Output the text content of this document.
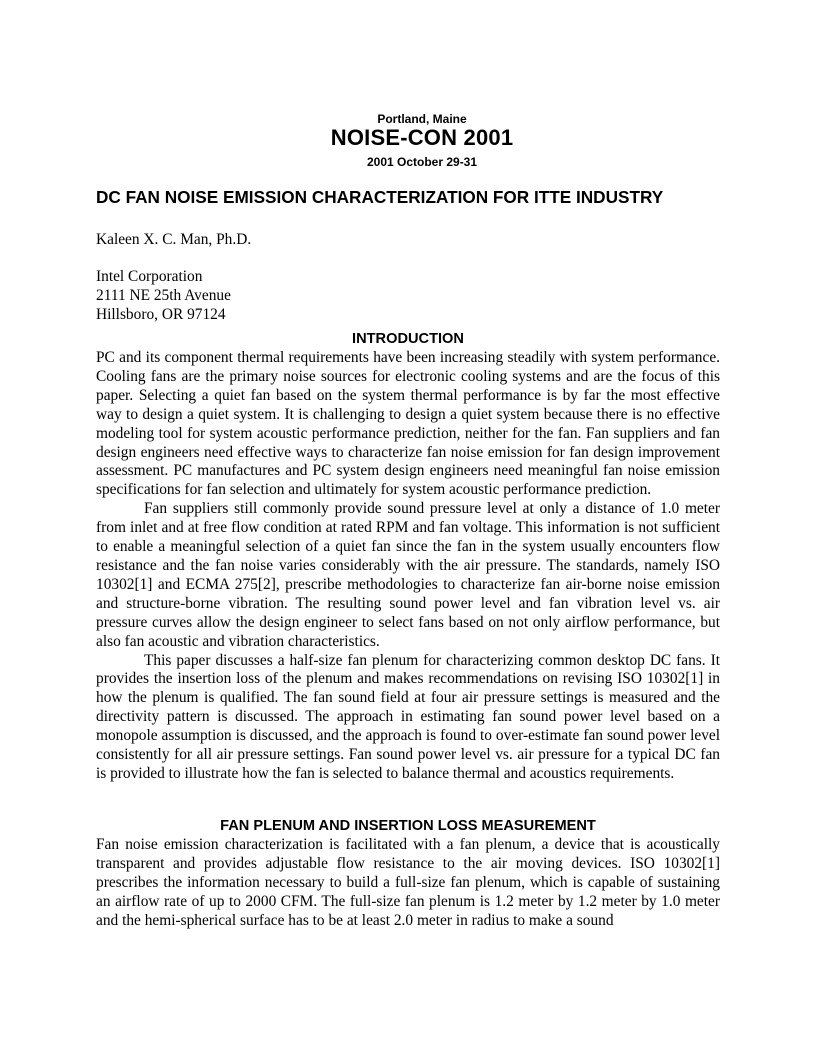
Portland, Maine
NOISE-CON 2001
2001 October 29-31
DC FAN NOISE EMISSION CHARACTERIZATION FOR ITTE INDUSTRY
Kaleen X. C. Man, Ph.D.
Intel Corporation
2111 NE 25th Avenue
Hillsboro, OR 97124
INTRODUCTION

PC and its component thermal requirements have been increasing steadily with system performance. Cooling fans are the primary noise sources for electronic cooling systems and are the focus of this paper. Selecting a quiet fan based on the system thermal performance is by far the most effective way to design a quiet system. It is challenging to design a quiet system because there is no effective modeling tool for system acoustic performance prediction, neither for the fan. Fan suppliers and fan design engineers need effective ways to characterize fan noise emission for fan design improvement assessment. PC manufactures and PC system design engineers need meaningful fan noise emission specifications for fan selection and ultimately for system acoustic performance prediction.

Fan suppliers still commonly provide sound pressure level at only a distance of 1.0 meter from inlet and at free flow condition at rated RPM and fan voltage. This information is not sufficient to enable a meaningful selection of a quiet fan since the fan in the system usually encounters flow resistance and the fan noise varies considerably with the air pressure. The standards, namely ISO 10302[1] and ECMA 275[2], prescribe methodologies to characterize fan air-borne noise emission and structure-borne vibration. The resulting sound power level and fan vibration level vs. air pressure curves allow the design engineer to select fans based on not only airflow performance, but also fan acoustic and vibration characteristics.

This paper discusses a half-size fan plenum for characterizing common desktop DC fans. It provides the insertion loss of the plenum and makes recommendations on revising ISO 10302[1] in how the plenum is qualified. The fan sound field at four air pressure settings is measured and the directivity pattern is discussed. The approach in estimating fan sound power level based on a monopole assumption is discussed, and the approach is found to over-estimate fan sound power level consistently for all air pressure settings. Fan sound power level vs. air pressure for a typical DC fan is provided to illustrate how the fan is selected to balance thermal and acoustics requirements.

FAN PLENUM AND INSERTION LOSS MEASUREMENT

Fan noise emission characterization is facilitated with a fan plenum, a device that is acoustically transparent and provides adjustable flow resistance to the air moving devices. ISO 10302[1] prescribes the information necessary to build a full-size fan plenum, which is capable of sustaining an airflow rate of up to 2000 CFM. The full-size fan plenum is 1.2 meter by 1.2 meter by 1.0 meter and the hemi-spherical surface has to be at least 2.0 meter in radius to make a sound
